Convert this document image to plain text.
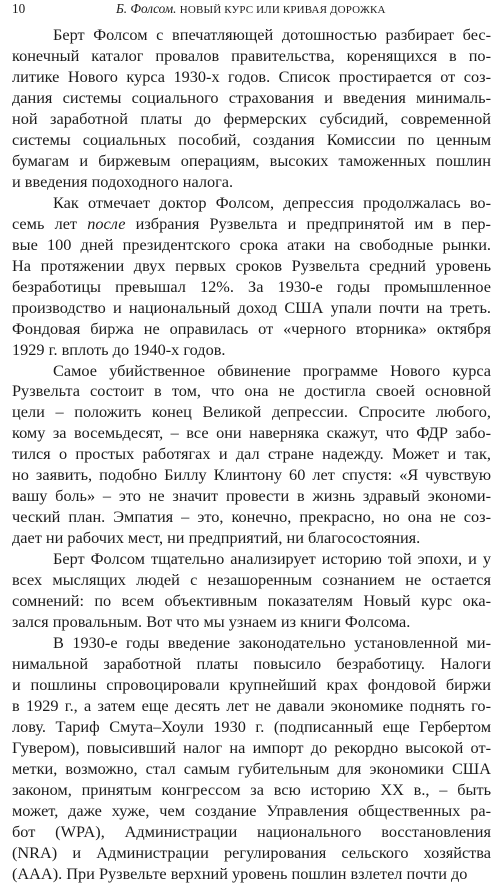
10	Б. Фолсом. НОВЫЙ КУРС ИЛИ КРИВАЯ ДОРОЖКА
Берт Фолсом с впечатляющей дотошностью разбирает бес-
конечный каталог провалов правительства, коренящихся в по-
литике Нового курса 1930-х годов. Список простирается от соз-
дания системы социального страхования и введения минималь-
ной заработной платы до фермерских субсидий, современной
системы социальных пособий, создания Комиссии по ценным
бумагам и биржевым операциям, высоких таможенных пошлин
и введения подоходного налога.
Как отмечает доктор Фолсом, депрессия продолжалась во-
семь лет после избрания Рузвельта и предпринятой им в пер-
вые 100 дней президентского срока атаки на свободные рынки.
На протяжении двух первых сроков Рузвельта средний уровень
безработицы превышал 12%. За 1930-е годы промышленное
производство и национальный доход США упали почти на треть.
Фондовая биржа не оправилась от «черного вторника» октября
1929 г. вплоть до 1940-х годов.
Самое убийственное обвинение программе Нового курса
Рузвельта состоит в том, что она не достигла своей основной
цели – положить конец Великой депрессии. Спросите любого,
кому за восемьдесят, – все они наверняка скажут, что ФДР забо-
тился о простых работягах и дал стране надежду. Может и так,
но заявить, подобно Биллу Клинтону 60 лет спустя: «Я чувствую
вашу боль» – это не значит провести в жизнь здравый экономи-
ческий план. Эмпатия – это, конечно, прекрасно, но она не соз-
дает ни рабочих мест, ни предприятий, ни благосостояния.
Берт Фолсом тщательно анализирует историю той эпохи, и у
всех мыслящих людей с незашоренным сознанием не остается
сомнений: по всем объективным показателям Новый курс ока-
зался провальным. Вот что мы узнаем из книги Фолсома.
В 1930-е годы введение законодательно установленной ми-
нимальной заработной платы повысило безработицу. Налоги
и пошлины спровоцировали крупнейший крах фондовой биржи
в 1929 г., а затем еще десять лет не давали экономике поднять го-
лову. Тариф Смута–Хоули 1930 г. (подписанный еще Гербертом
Гувером), повысивший налог на импорт до рекордно высокой от-
метки, возможно, стал самым губительным для экономики США
законом, принятым конгрессом за всю историю XX в., – быть
может, даже хуже, чем создание Управления общественных ра-
бот (WPA), Администрации национального восстановления
(NRA) и Администрации регулирования сельского хозяйства
(AAA). При Рузвельте верхний уровень пошлин взлетел почти до
